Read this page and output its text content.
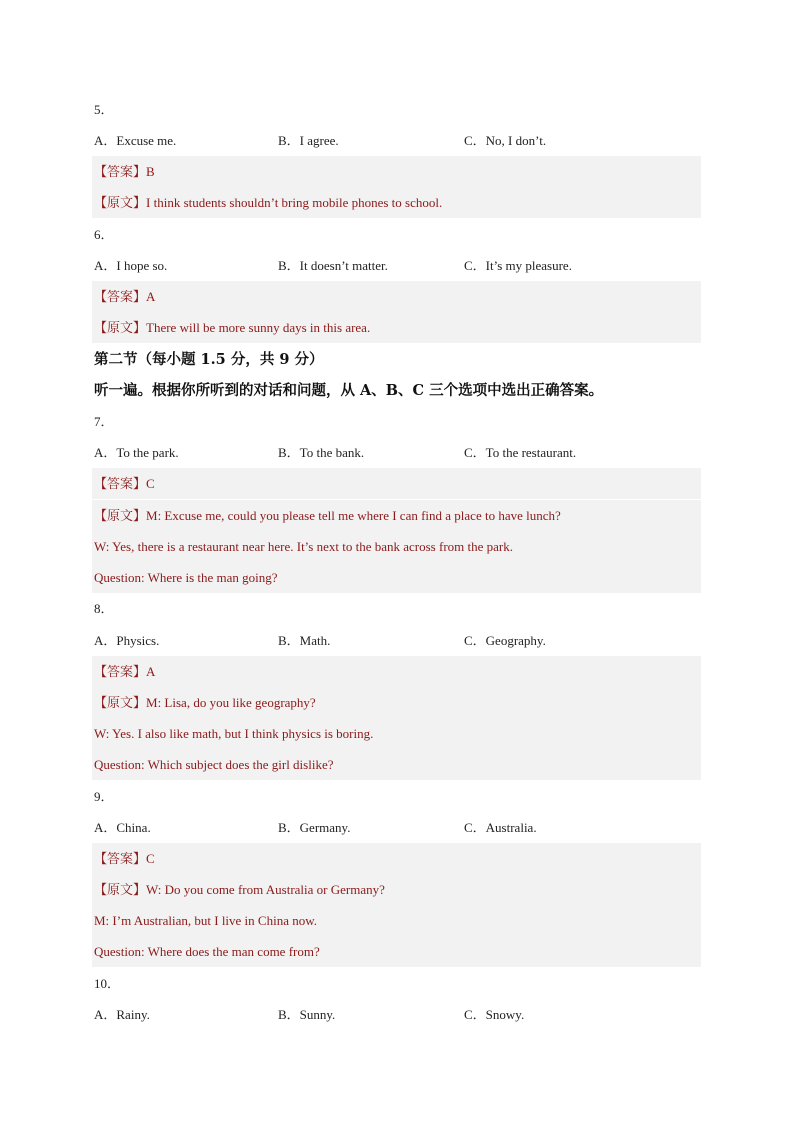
5．
A．Excuse me.	B．I agree.	C．No, I don’t.
【答案】B
【原文】I think students shouldn’t bring mobile phones to school.
6．
A．I hope so.	B．It doesn’t matter.	C．It’s my pleasure.
【答案】A
【原文】There will be more sunny days in this area.
第二节（每小题 1.5 分，共 9 分）
听一遍。根据你所听到的对话和问题，从 A、B、C 三个选项中选出正确答案。
7．
A．To the park.	B．To the bank.	C．To the restaurant.
【答案】C
【原文】M: Excuse me, could you please tell me where I can find a place to have lunch?
W: Yes, there is a restaurant near here. It’s next to the bank across from the park.
Question: Where is the man going?
8．
A．Physics.	B．Math.	C．Geography.
【答案】A
【原文】M: Lisa, do you like geography?
W: Yes. I also like math, but I think physics is boring.
Question: Which subject does the girl dislike?
9．
A．China.	B．Germany.	C．Australia.
【答案】C
【原文】W: Do you come from Australia or Germany?
M: I’m Australian, but I live in China now.
Question: Where does the man come from?
10．
A．Rainy.	B．Sunny.	C．Snowy.
